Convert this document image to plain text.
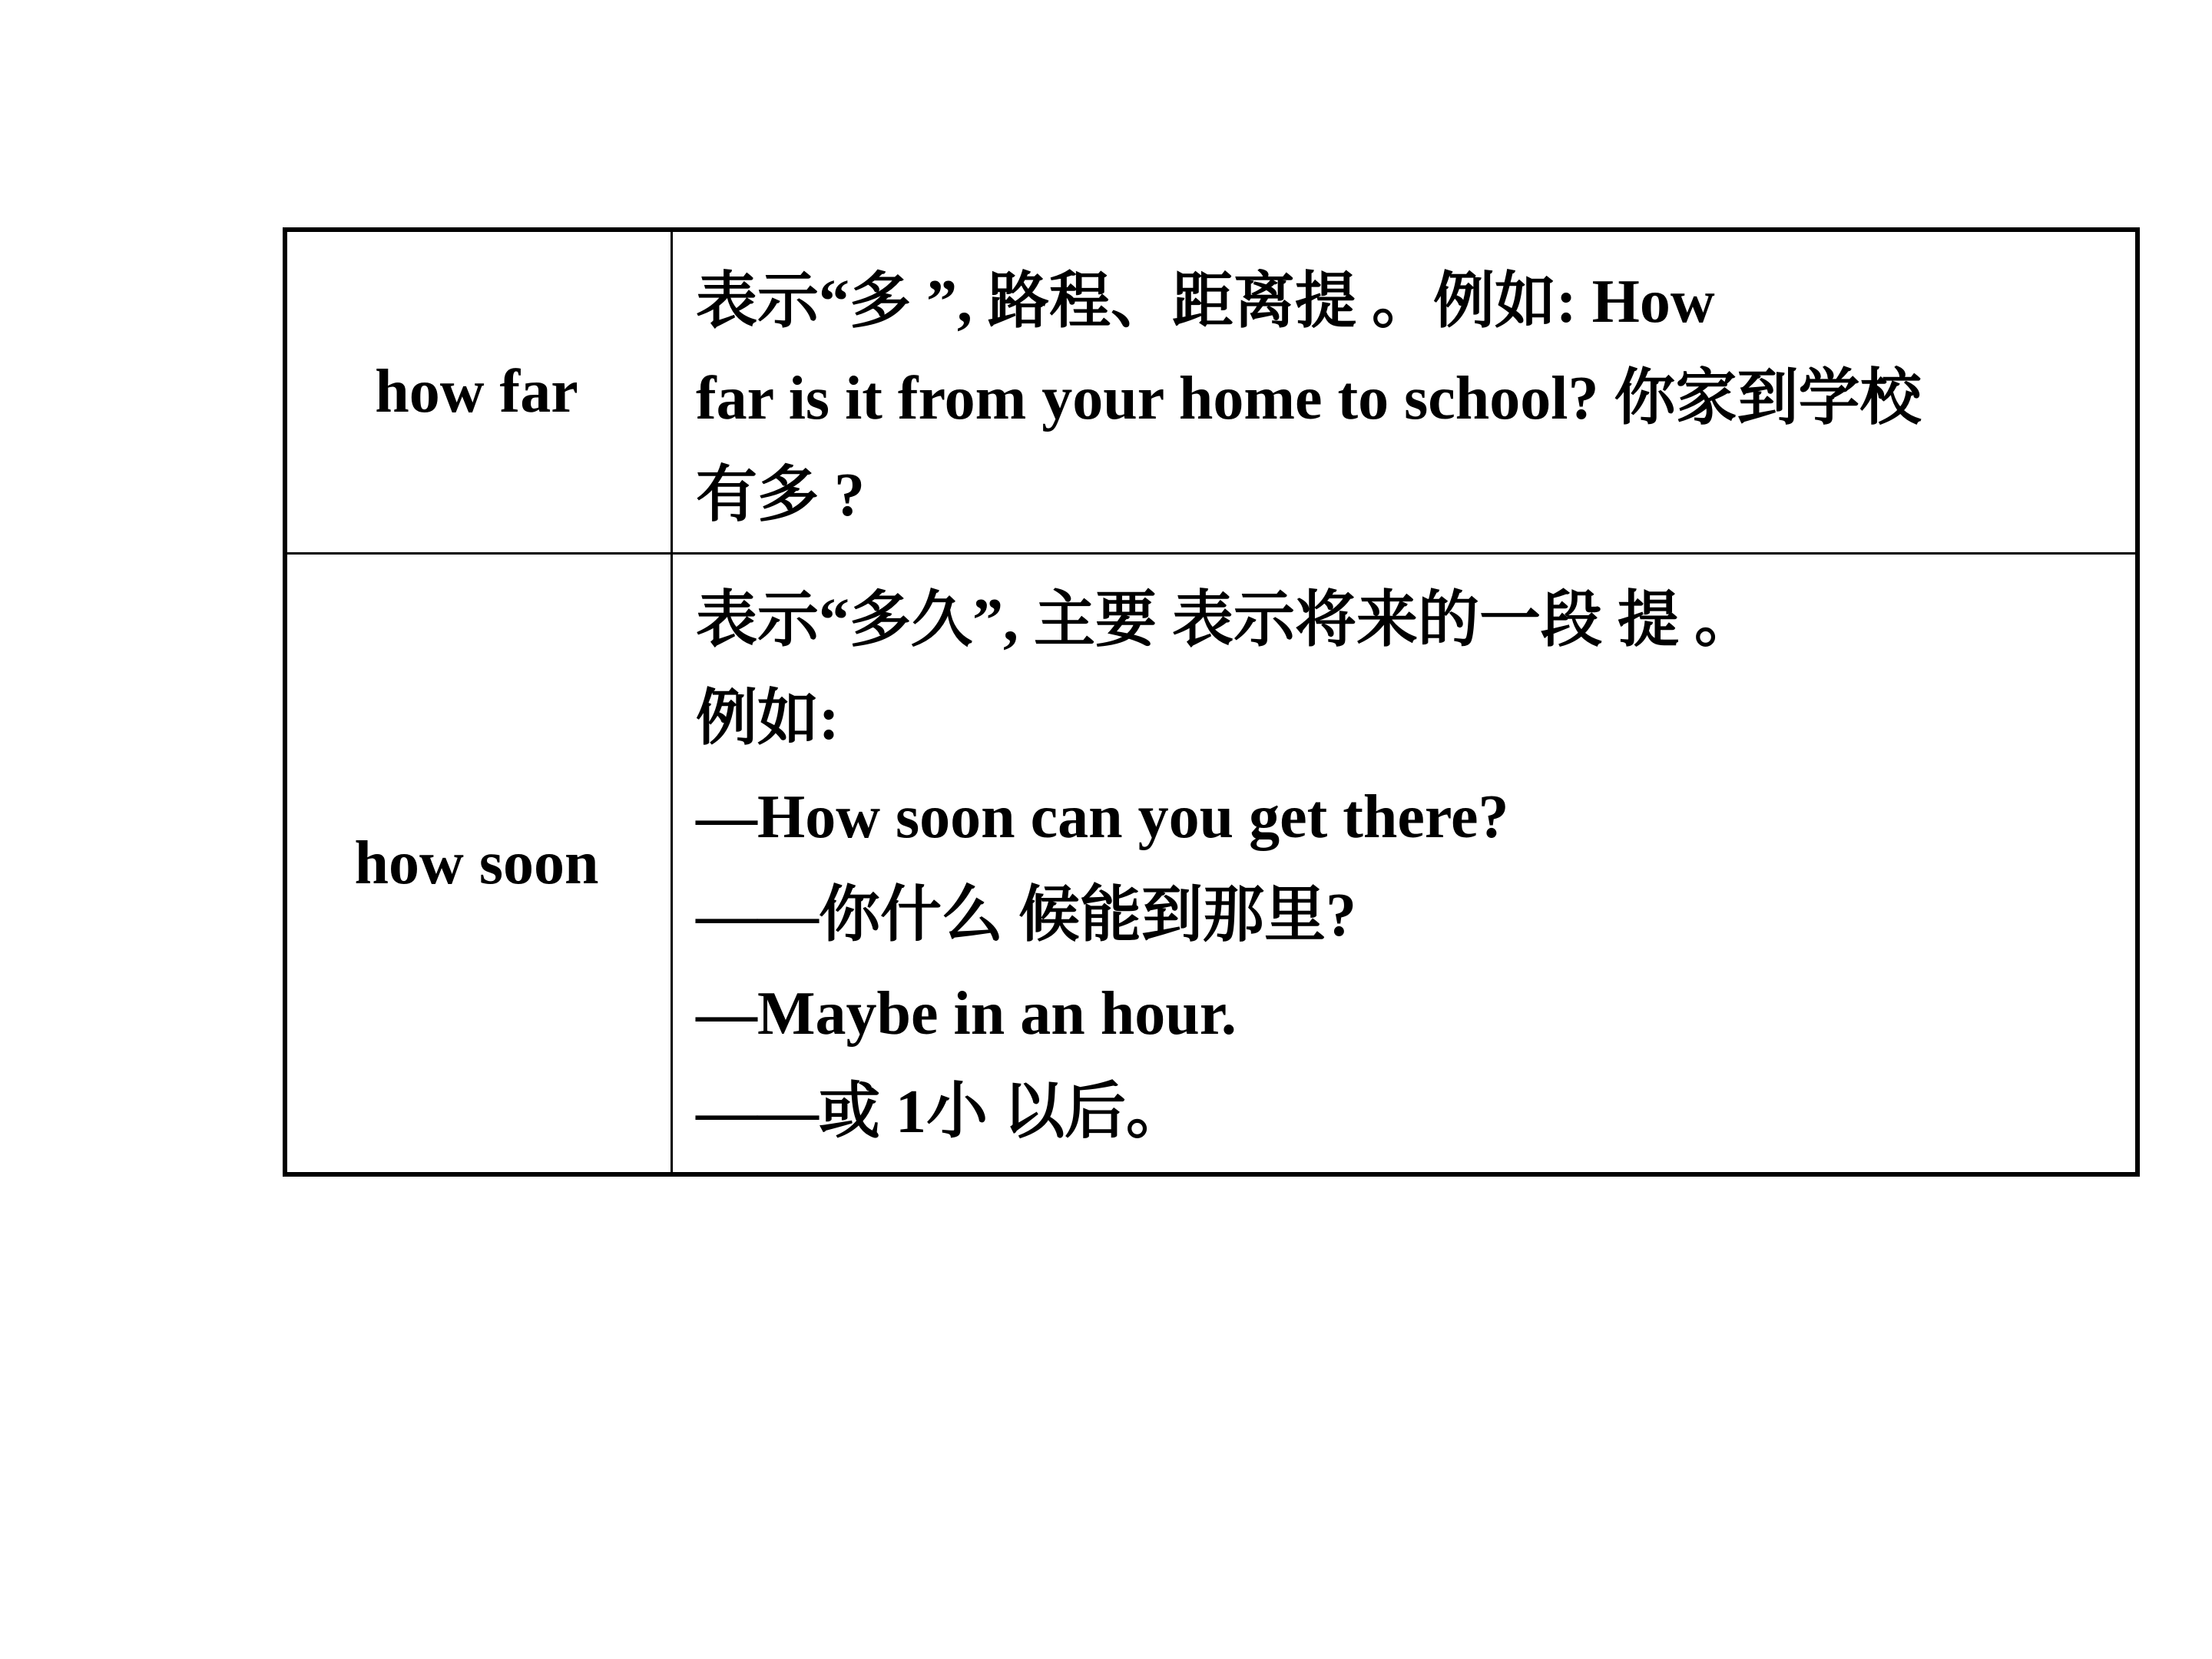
how far
表示“多 ”, 路程、距离提 。例如: How
far is it from your home to school? 你家到学校
有多 ?
how soon
表示“多久”, 主要 表示将来的一段 提 。
例如:
—How soon can you get there?
——你什么 候能到那里?
—Maybe in an hour.
——或 1小 以后。
